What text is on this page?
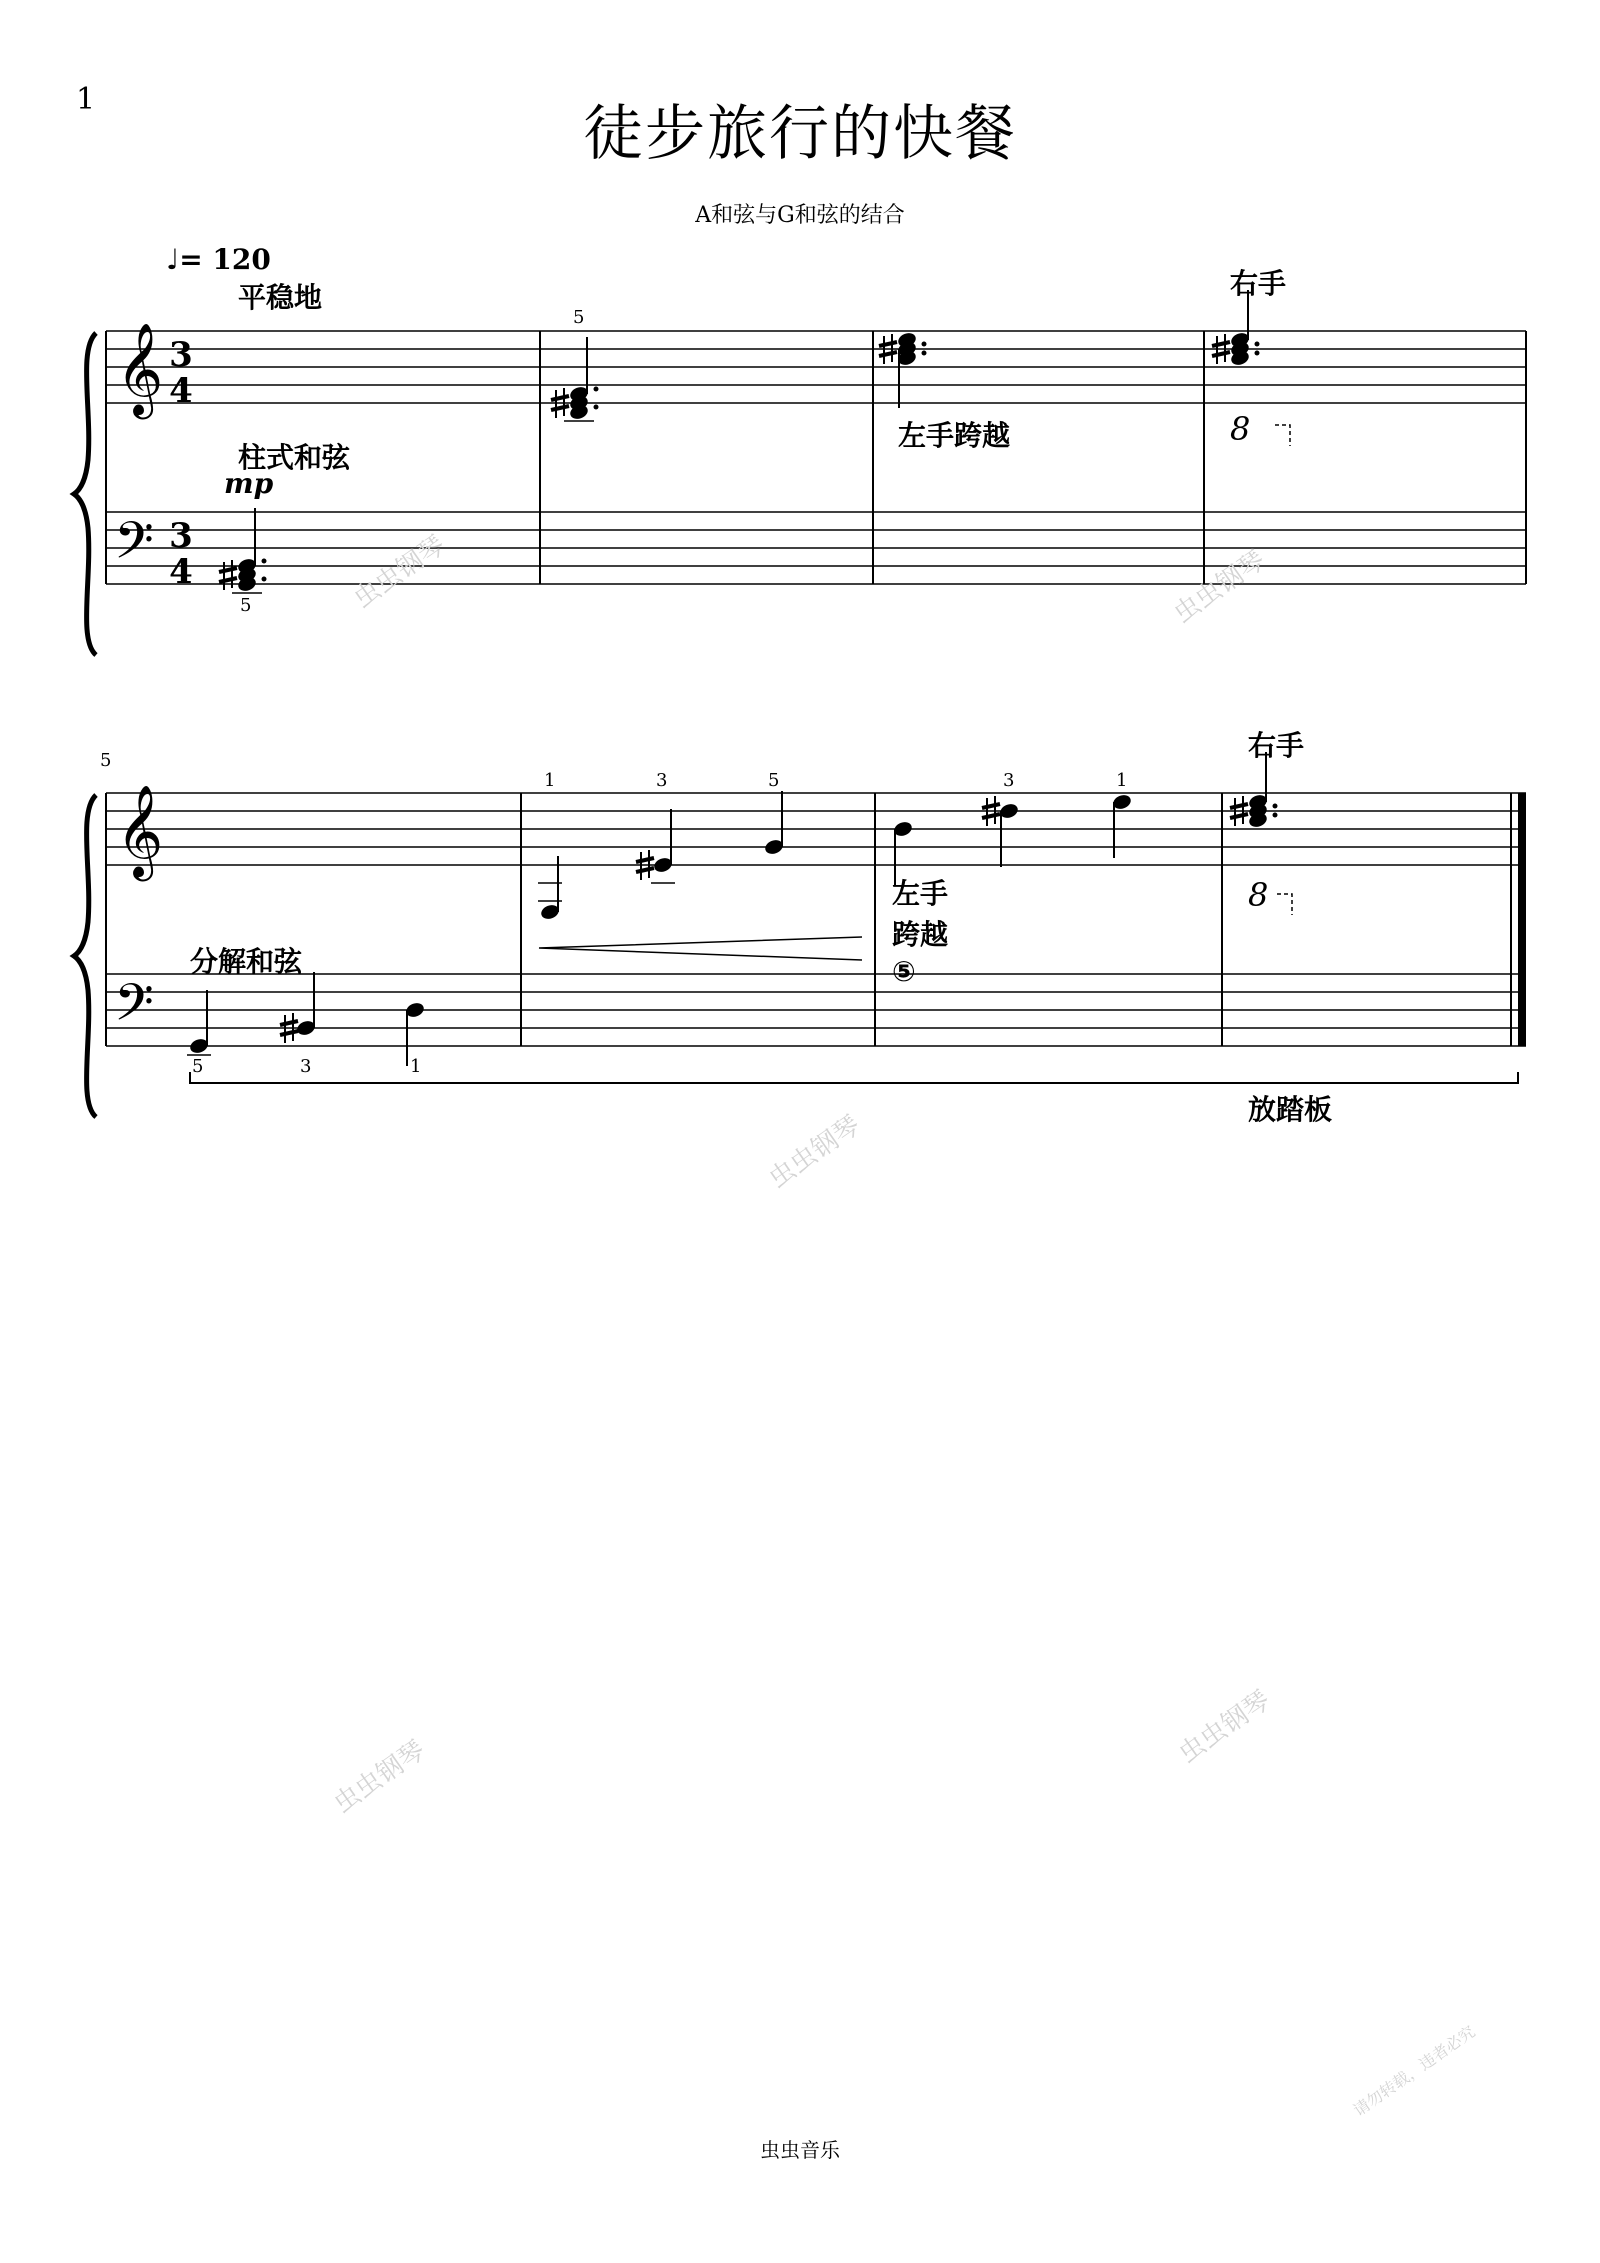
1	徒步旅行的快餐
A和弦与G和弦的结合
𝄞
𝄢
3
4
3
4
𝄞
𝄢
♩= 120
平稳地
柱式和弦
mp
5
5
左手跨越
右手
8
5
分解和弦
5	3	1
1	3	5	3	1
左手
跨越
⑤
右手
8
放踏板
虫虫钢琴	虫虫钢琴
虫虫钢琴
虫虫钢琴
虫虫钢琴
请勿转载，违者必究
虫虫音乐
